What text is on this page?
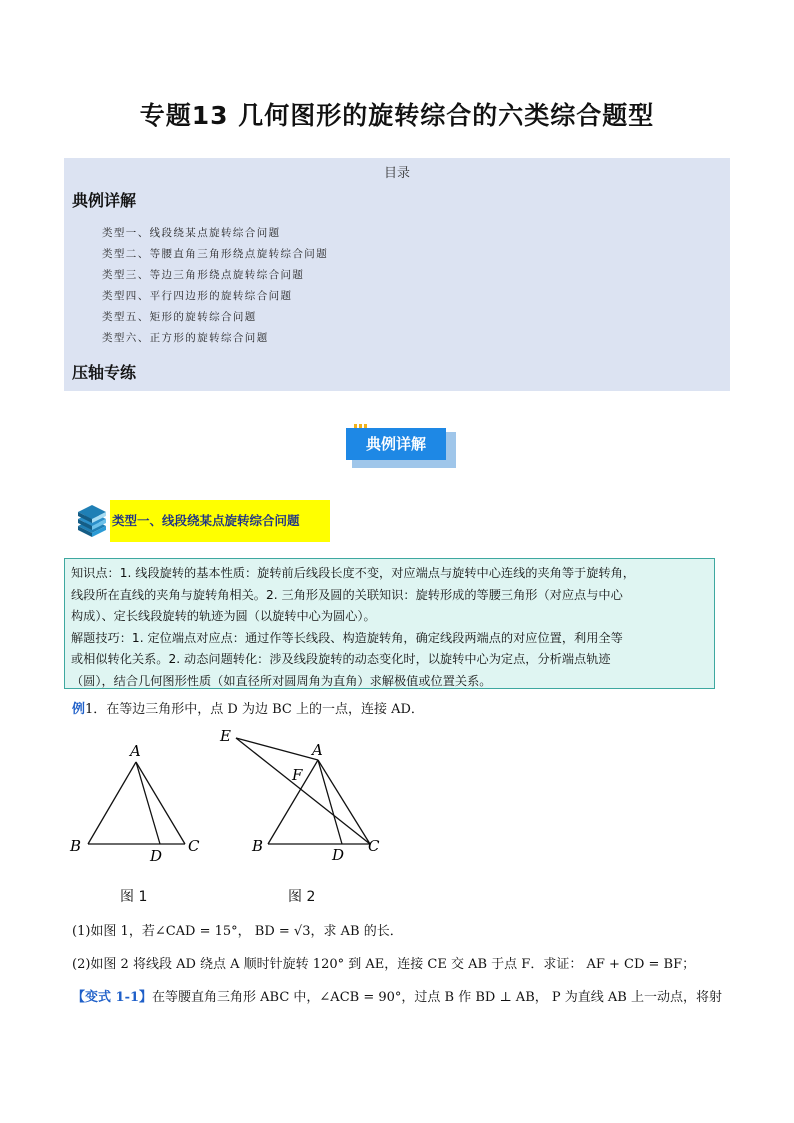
专题13 几何图形的旋转综合的六类综合题型
目录
典例详解
类型一、线段绕某点旋转综合问题
类型二、等腰直角三角形绕点旋转综合问题
类型三、等边三角形绕点旋转综合问题
类型四、平行四边形的旋转综合问题
类型五、矩形的旋转综合问题
类型六、正方形的旋转综合问题
压轴专练
典例详解
类型一、线段绕某点旋转综合问题

知识点：1. 线段旋转的基本性质：旋转前后线段长度不变，对应端点与旋转中心连线的夹角等于旋转角，

线段所在直线的夹角与旋转角相关。2. 三角形及圆的关联知识：旋转形成的等腰三角形（对应点与中心

构成）、定长线段旋转的轨迹为圆（以旋转中心为圆心）。

解题技巧：1. 定位端点对应点：通过作等长线段、构造旋转角，确定线段两端点的对应位置，利用全等

或相似转化关系。2. 动态问题转化：涉及线段旋转的动态变化时，以旋转中心为定点，分析端点轨迹

（圆），结合几何图形性质（如直径所对圆周角为直角）求解极值或位置关系。

例1．在等边三角形中，点 D 为边 BC 上的一点，连接 AD．
A
B	C
D
E
A
F
B	C
D
图 1	图 2
(1)如图 1，若∠CAD = 15°， BD = √3，求 AB 的长．
(2)如图 2 将线段 AD 绕点 A 顺时针旋转 120° 到 AE，连接 CE 交 AB 于点 F．求证： AF + CD = BF；
【变式 1-1】在等腰直角三角形 ABC 中，∠ACB = 90°，过点 B 作 BD ⊥ AB， P 为直线 AB 上一动点，将射
